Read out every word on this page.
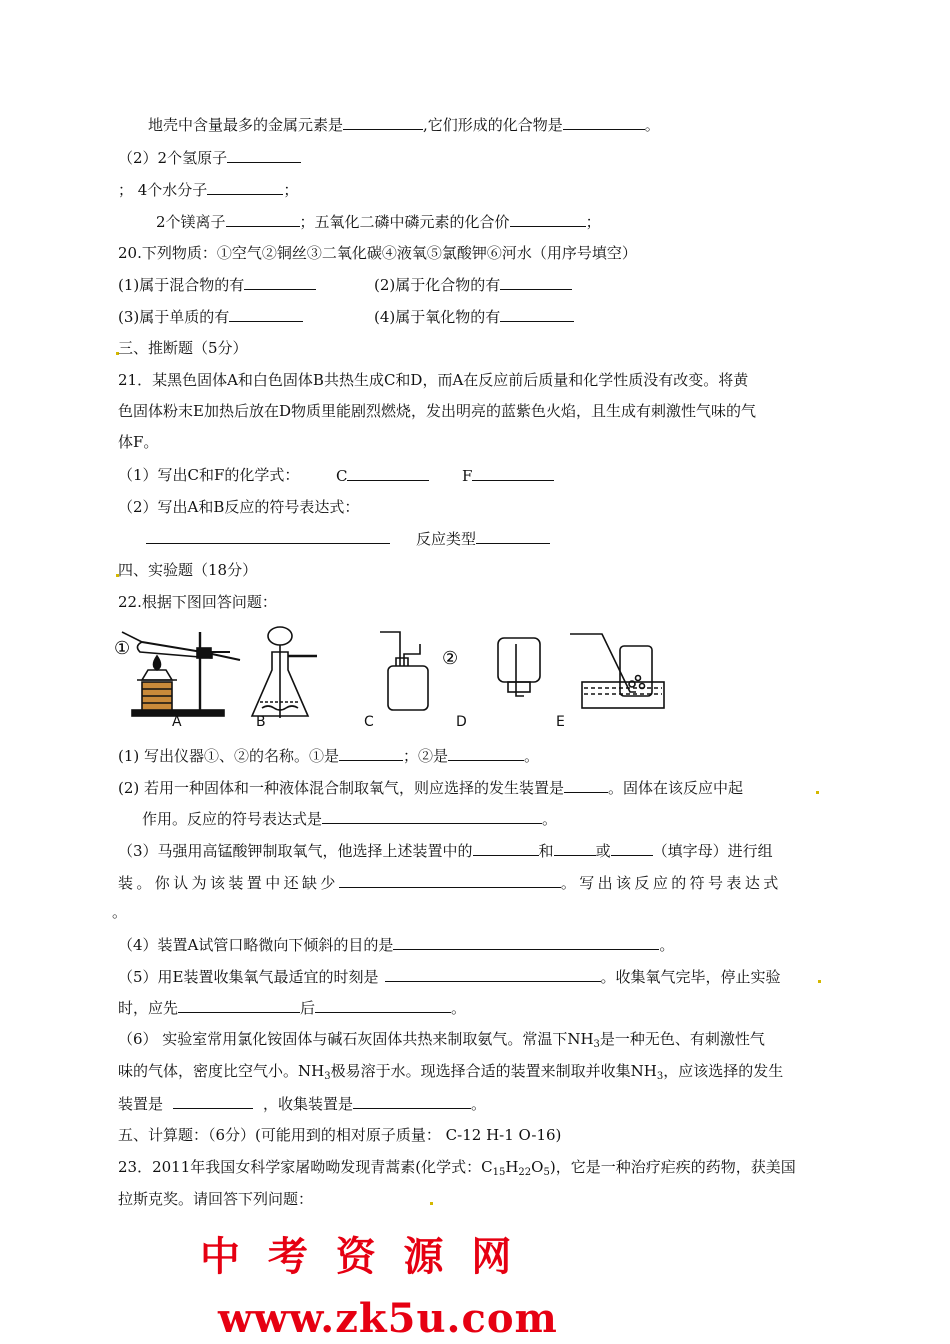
地壳中含量最多的金属元素是	,它们形成的化合物是	。
（2）2个氢原子
； 4个水分子	；
2个镁离子	；五氧化二磷中磷元素的化合价	；
20.下列物质：①空气②铜丝③二氧化碳④液氧⑤氯酸钾⑥河水（用序号填空）
(1)属于混合物的有	(2)属于化合物的有
(3)属于单质的有	(4)属于氧化物的有
三、推断题（5分）
21．某黑色固体A和白色固体B共热生成C和D，而A在反应前后质量和化学性质没有改变。将黄
色固体粉末E加热后放在D物质里能剧烈燃烧，发出明亮的蓝紫色火焰，且生成有刺激性气味的气
体F。
（1）写出C和F的化学式： C	F
（2）写出A和B反应的符号表达式：
反应类型
四、实验题（18分）
22.根据下图回答问题：
①	②
A	B	C	D	E
(1) 写出仪器①、②的名称。①是	；②是	。
(2) 若用一种固体和一种液体混合制取氧气，则应选择的发生装置是	。固体在该反应中起
作用。反应的符号表达式是	。
（3）马强用高锰酸钾制取氧气，他选择上述装置中的	和	或	（填字母）进行组
装。你认为该装置中还缺少	。写出该反应的符号表达式
。
（4）装置A试管口略微向下倾斜的目的是	。
（5）用E装置收集氧气最适宜的时刻是	。收集氧气完毕，停止实验
时，应先	后	。
（6） 实验室常用氯化铵固体与碱石灰固体共热来制取氨气。常温下$NH_3$是一种无色、有刺激性气
味的气体，密度比空气小。$NH_3$极易溶于水。现选择合适的装置来制取并收集$NH_3$，应该选择的发生
装置是	，收集装置是	。
五、计算题：（6分）(可能用到的相对原子质量： C-12 H-1 O-16)
23．2011年我国女科学家屠呦呦发现青蒿素(化学式：$C_{15}H_{22}O_5$)，它是一种治疗疟疾的药物，获美国
拉斯克奖。请回答下列问题：
中  考  资  源  网
www.zk5u.com
